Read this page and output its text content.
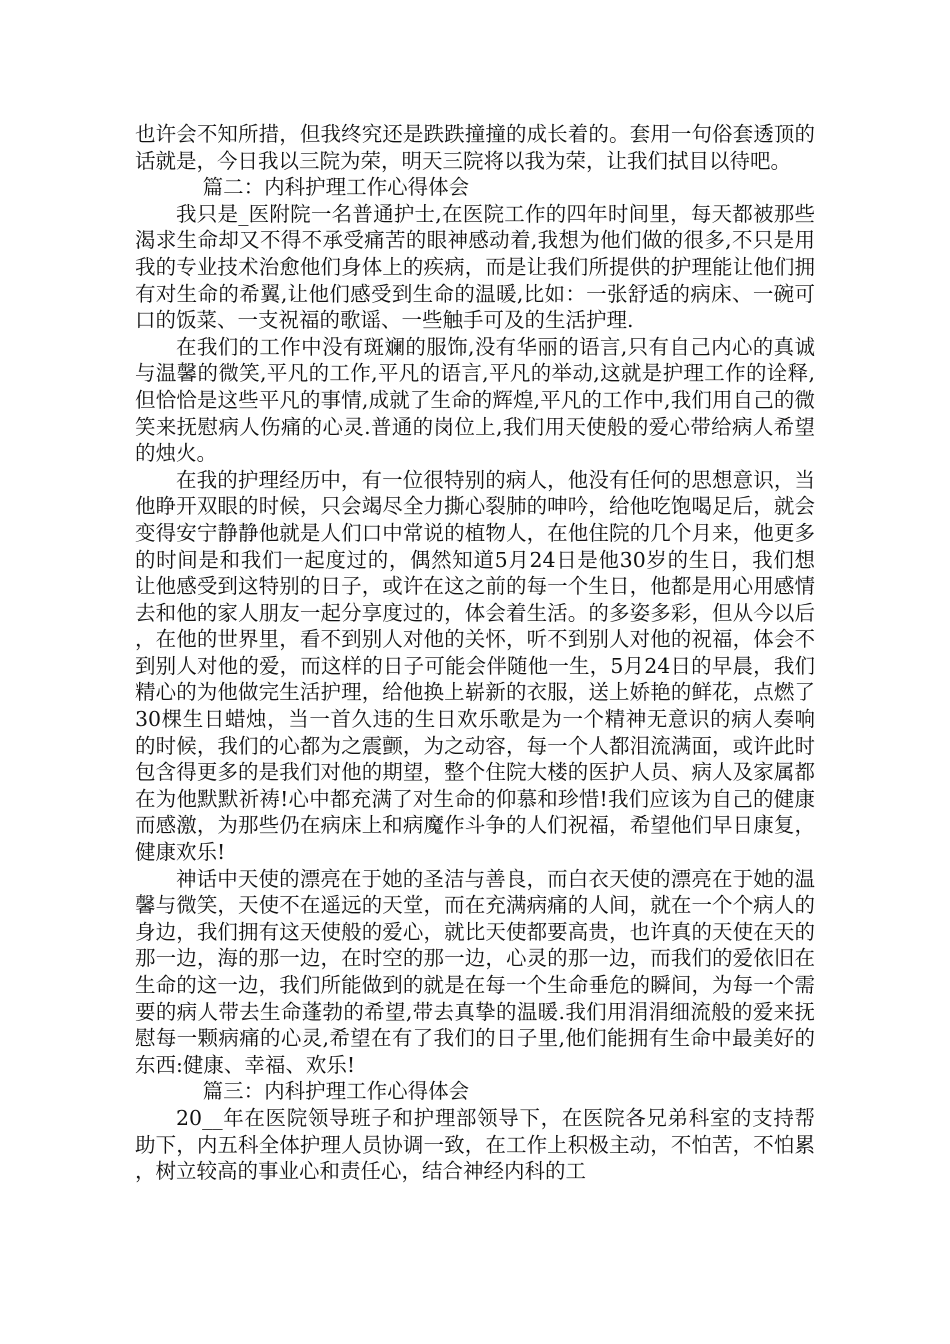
也许会不知所措，但我终究还是跌跌撞撞的成长着的。套用一句俗套透顶的话就是，今日我以三院为荣，明天三院将以我为荣，让我们拭目以待吧。

篇二：内科护理工作心得体会

我只是_医附院一名普通护士,在医院工作的四年时间里，每天都被那些渴求生命却又不得不承受痛苦的眼神感动着,我想为他们做的很多,不只是用我的专业技术治愈他们身体上的疾病，而是让我们所提供的护理能让他们拥有对生命的希翼,让他们感受到生命的温暖,比如：一张舒适的病床、一碗可口的饭菜、一支祝福的歌谣、一些触手可及的生活护理.

在我们的工作中没有斑斓的服饰,没有华丽的语言,只有自己内心的真诚与温馨的微笑,平凡的工作,平凡的语言,平凡的举动,这就是护理工作的诠释,但恰恰是这些平凡的事情,成就了生命的辉煌,平凡的工作中,我们用自己的微笑来抚慰病人伤痛的心灵.普通的岗位上,我们用天使般的爱心带给病人希望的烛火。

在我的护理经历中，有一位很特别的病人，他没有任何的思想意识，当他睁开双眼的时候，只会竭尽全力撕心裂肺的呻吟，给他吃饱喝足后，就会变得安宁静静他就是人们口中常说的植物人，在他住院的几个月来，他更多的时间是和我们一起度过的，偶然知道5月24日是他30岁的生日，我们想让他感受到这特别的日子，或许在这之前的每一个生日，他都是用心用感情去和他的家人朋友一起分享度过的，体会着生活。的多姿多彩，但从今以后，在他的世界里，看不到别人对他的关怀，听不到别人对他的祝福，体会不到别人对他的爱，而这样的日子可能会伴随他一生，5月24日的早晨，我们精心的为他做完生活护理，给他换上崭新的衣服，送上娇艳的鲜花，点燃了30棵生日蜡烛，当一首久违的生日欢乐歌是为一个精神无意识的病人奏响的时候，我们的心都为之震颤，为之动容，每一个人都泪流满面，或许此时包含得更多的是我们对他的期望，整个住院大楼的医护人员、病人及家属都在为他默默祈祷!心中都充满了对生命的仰慕和珍惜!我们应该为自己的健康而感激，为那些仍在病床上和病魔作斗争的人们祝福，希望他们早日康复，健康欢乐!

神话中天使的漂亮在于她的圣洁与善良，而白衣天使的漂亮在于她的温馨与微笑，天使不在遥远的天堂，而在充满病痛的人间，就在一个个病人的身边，我们拥有这天使般的爱心，就比天使都要高贵，也许真的天使在天的那一边，海的那一边，在时空的那一边，心灵的那一边，而我们的爱依旧在生命的这一边，我们所能做到的就是在每一个生命垂危的瞬间，为每一个需要的病人带去生命蓬勃的希望,带去真挚的温暖.我们用涓涓细流般的爱来抚慰每一颗病痛的心灵,希望在有了我们的日子里,他们能拥有生命中最美好的东西:健康、幸福、欢乐!

篇三：内科护理工作心得体会

20__年在医院领导班子和护理部领导下，在医院各兄弟科室的支持帮助下，内五科全体护理人员协调一致，在工作上积极主动，不怕苦，不怕累，树立较高的事业心和责任心，结合神经内科的工
